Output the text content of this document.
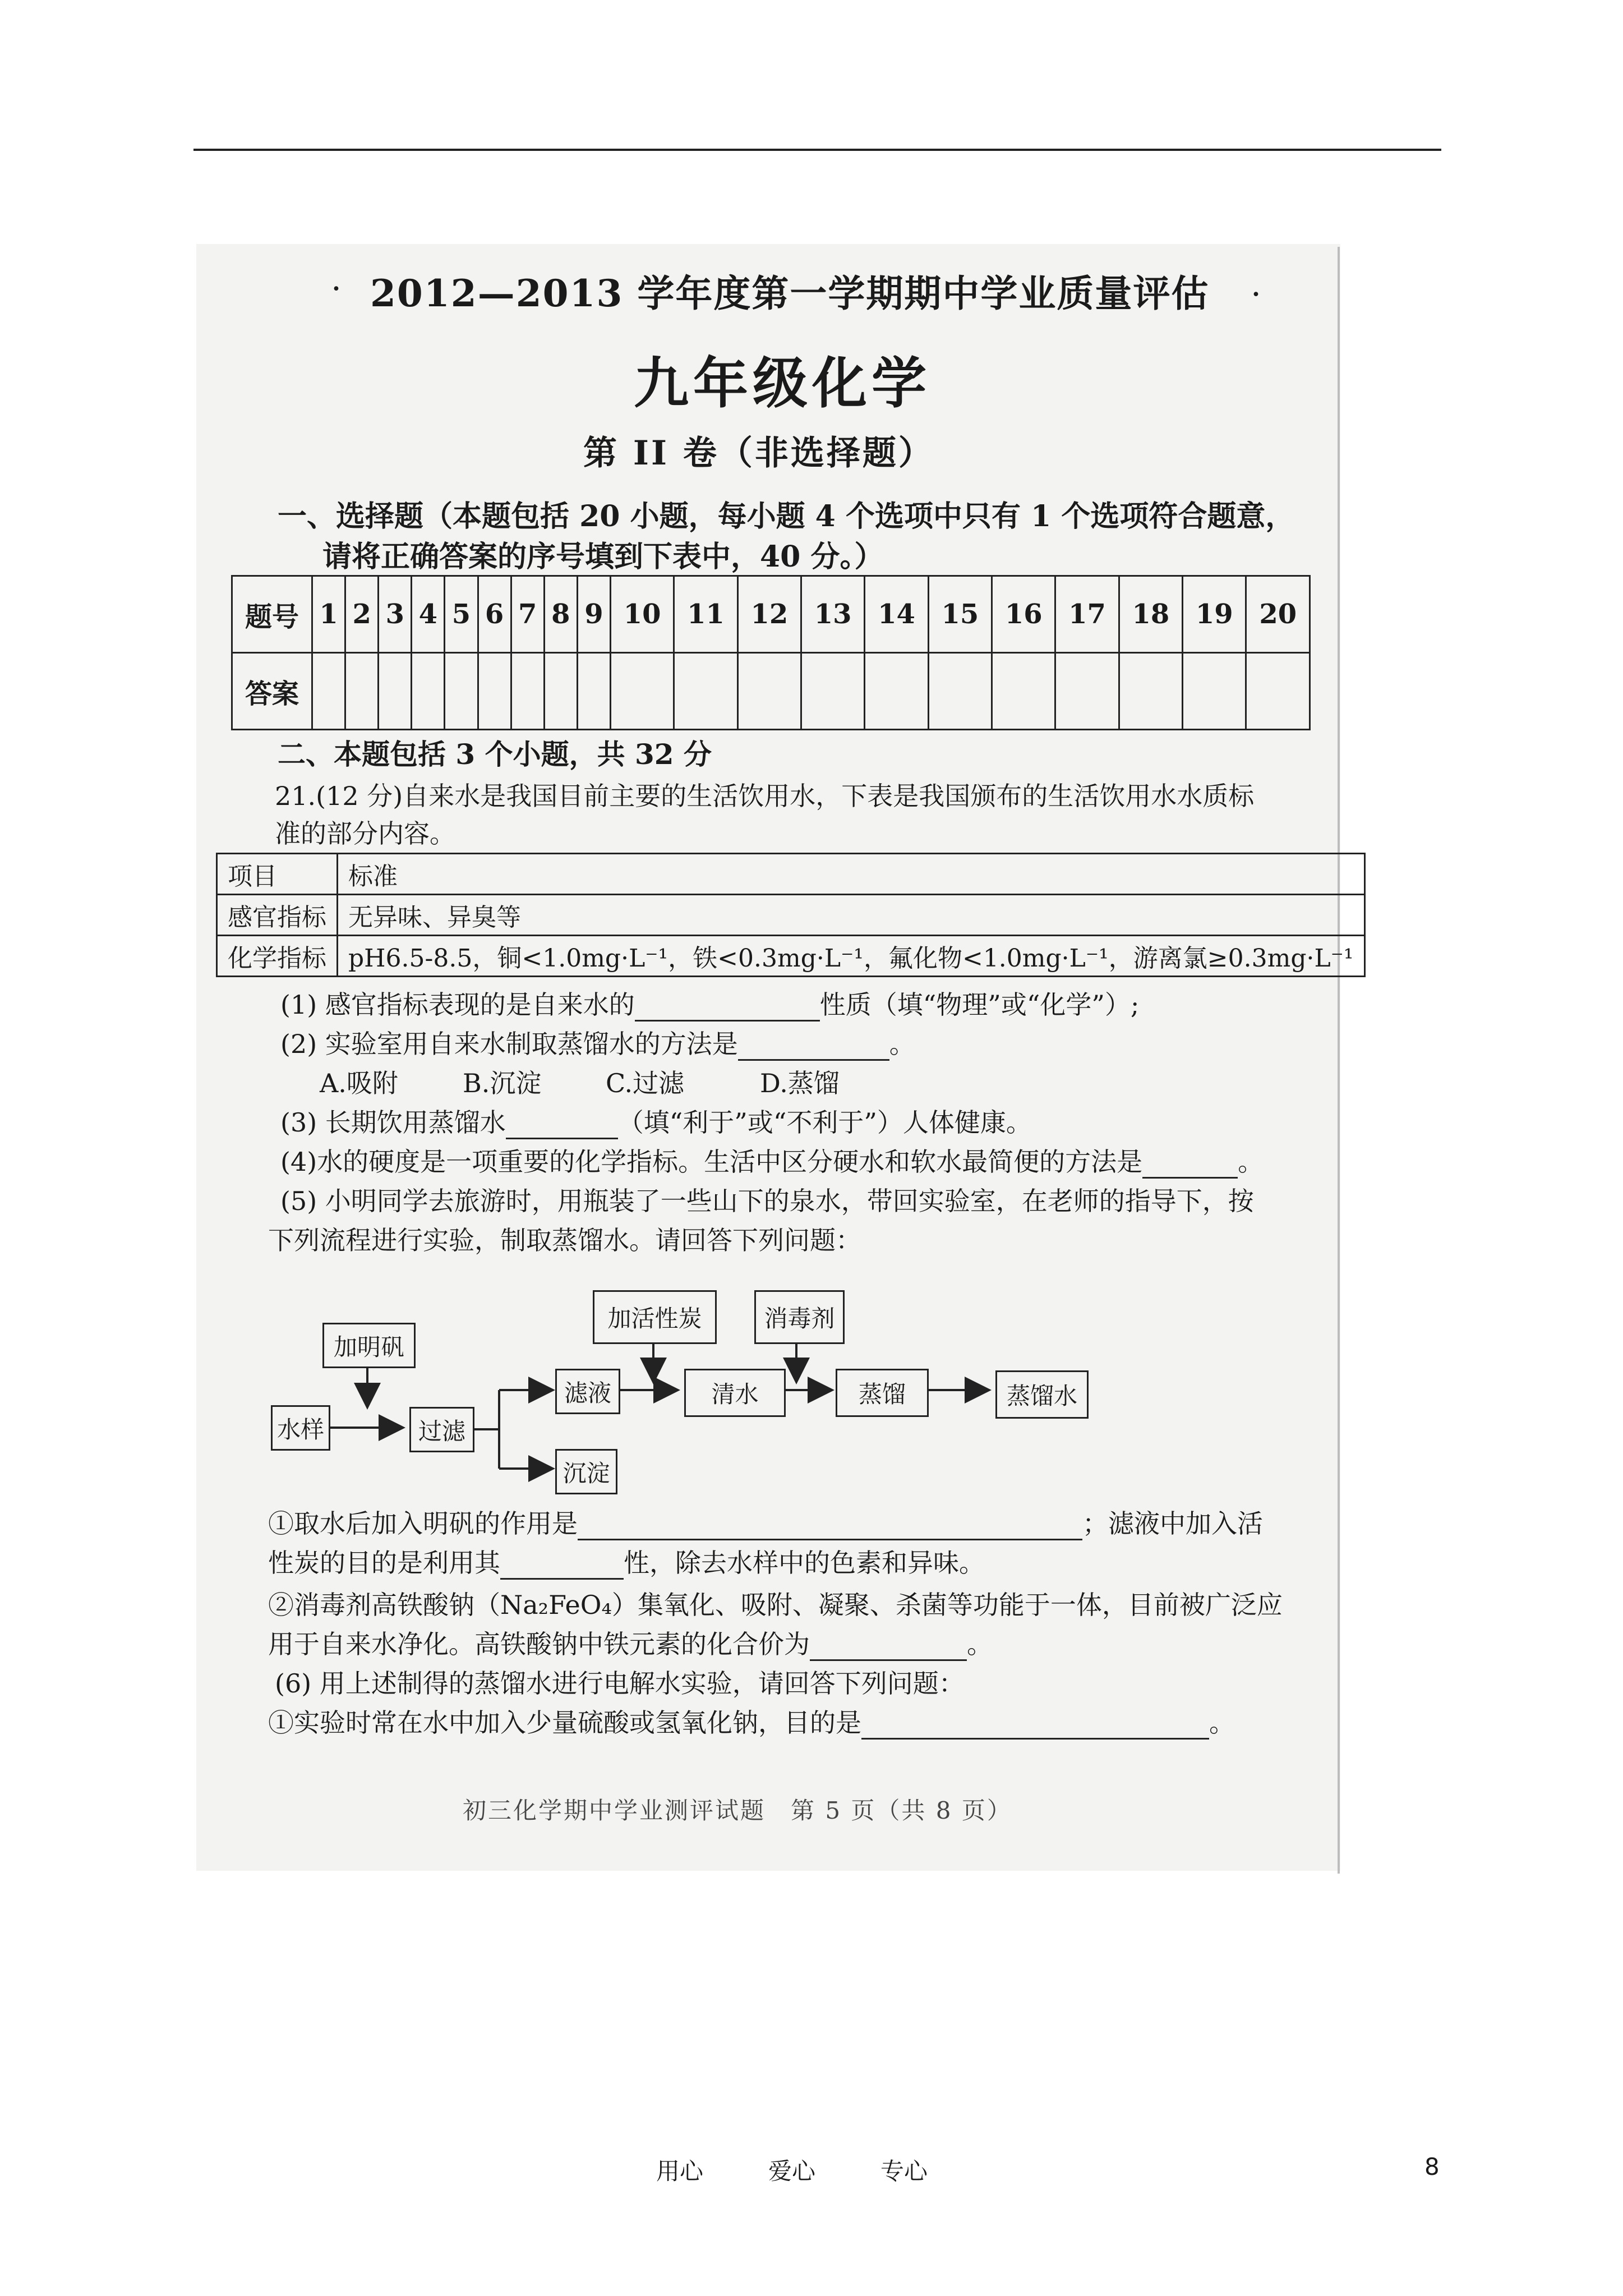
·	·
2012—2013 学年度第一学期期中学业质量评估
九年级化学
第 II 卷（非选择题）
一、选择题（本题包括 20 小题，每小题 4 个选项中只有 1 个选项符合题意，
请将正确答案的序号填到下表中，40 分。）
题号	1	2	3	4	5	6	7	8	9	10	11	12	13	14	15	16	17	18	19	20
答案																				
二、本题包括 3 个小题，共 32 分
21.(12 分)自来水是我国目前主要的生活饮用水，下表是我国颁布的生活饮用水水质标
准的部分内容。
项目	标准
感官指标	无异味、异臭等
化学指标	pH6.5-8.5，铜<1.0mg·L⁻¹，铁<0.3mg·L⁻¹，氟化物<1.0mg·L⁻¹，游离氯≥0.3mg·L⁻¹
(1) 感官指标表现的是自来水的	性质（填“物理”或“化学”）;
(2) 实验室用自来水制取蒸馏水的方法是	。
A.吸附	B.沉淀 C.过滤	D.蒸馏
(3) 长期饮用蒸馏水	（填“利于”或“不利于”）人体健康。
(4)水的硬度是一项重要的化学指标。生活中区分硬水和软水最简便的方法是	。
(5) 小明同学去旅游时，用瓶装了一些山下的泉水，带回实验室，在老师的指导下，按
下列流程进行实验，制取蒸馏水。请回答下列问题：
加明矾
加活性炭	消毒剂
水样	过滤
滤液	清水	蒸馏	蒸馏水
沉淀
①取水后加入明矾的作用是	；滤液中加入活
性炭的目的是利用其	性，除去水样中的色素和异味。
②消毒剂高铁酸钠（Na₂FeO₄）集氧化、吸附、凝聚、杀菌等功能于一体，目前被广泛应
用于自来水净化。高铁酸钠中铁元素的化合价为	。
(6) 用上述制得的蒸馏水进行电解水实验，请回答下列问题：
①实验时常在水中加入少量硫酸或氢氧化钠，目的是	。
初三化学期中学业测评试题　第 5 页（共 8 页）
用心	爱心	专心	8
